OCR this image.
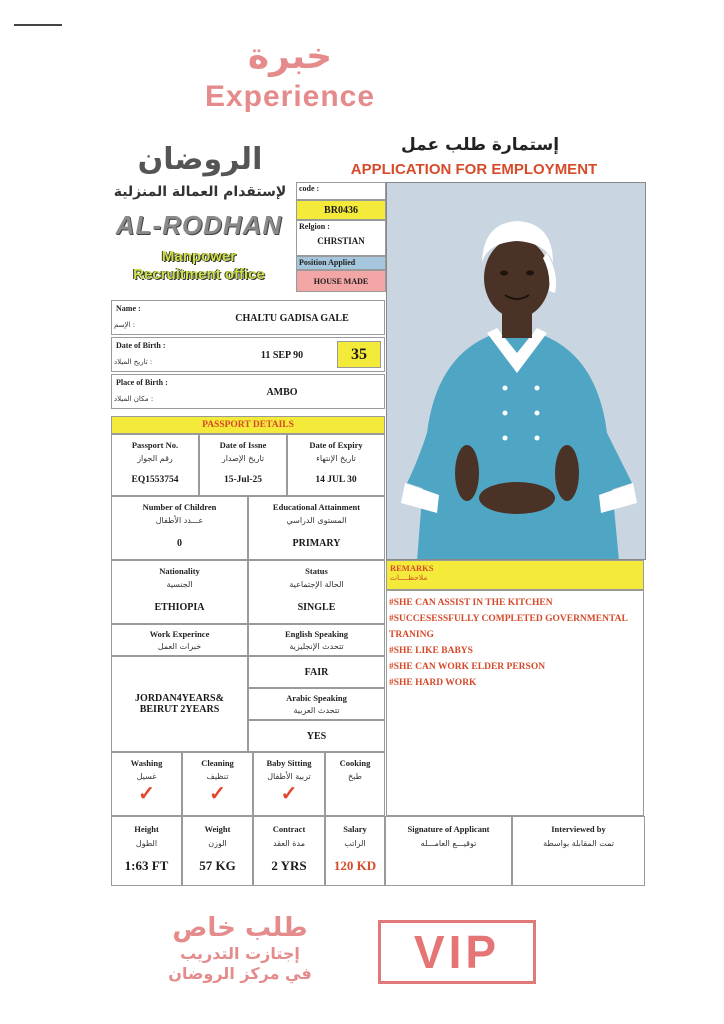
خبرة
Experience
الروضان
لإستقدام العمالة المنزلية
AL-RODHAN
Manpower
Recruitment office
إستمارة طلب عمل
APPLICATION FOR EMPLOYMENT
code :
BR0436
Relgion :
CHRSTIAN
Position Applied
HOUSE MADE
Name :
الإسم :
CHALTU GADISA GALE
Date of Birth :
تاريخ الميلاد :
11 SEP 90	35
Place of Birth :
مكان الميلاد :
AMBO
PASSPORT DETAILS
Passport No.
رقم الجواز
EQ1553754
Date of Issne
تاريخ الإصدار
15-Jul-25
Date of Expiry
تاريخ الإنتهاء
14 JUL 30
Number of Children
عـــدد الأطفال
0
Educational Attainment
المستوى الدراسي
PRIMARY
Nationality
الجنسية
ETHIOPIA
Status
الحالة الإجتماعية
SINGLE
Work Experince
خبرات العمل
JORDAN4YEARS&
BEIRUT 2YEARS
English Speaking
تتحدث الإنجليزية
FAIR
Arabic Speaking
تتحدث العربية
YES
REMARKS
ملاحظــــات
#SHE CAN ASSIST IN THE KITCHEN
#SUCCESESSFULLY COMPLETED GOVERNMENTAL
TRANING
#SHE LIKE BABYS
#SHE CAN WORK ELDER PERSON
#SHE HARD WORK
Washing
غسيل
✓
Cleaning
تنظيف
✓
Baby Sitting
تربية الأطفال
✓
Cooking
طبخ
Height
الطول
1:63 FT
Weight
الوزن
57 KG
Contract
مدة العقد
2 YRS
Salary
الراتب
120 KD
Signature of Applicant
توقيـــع العامـــله
Interviewed by
تمت المقابلة بواسطة
طلب خاص
إجتازت التدريب
في مركز الروضان	VIP
